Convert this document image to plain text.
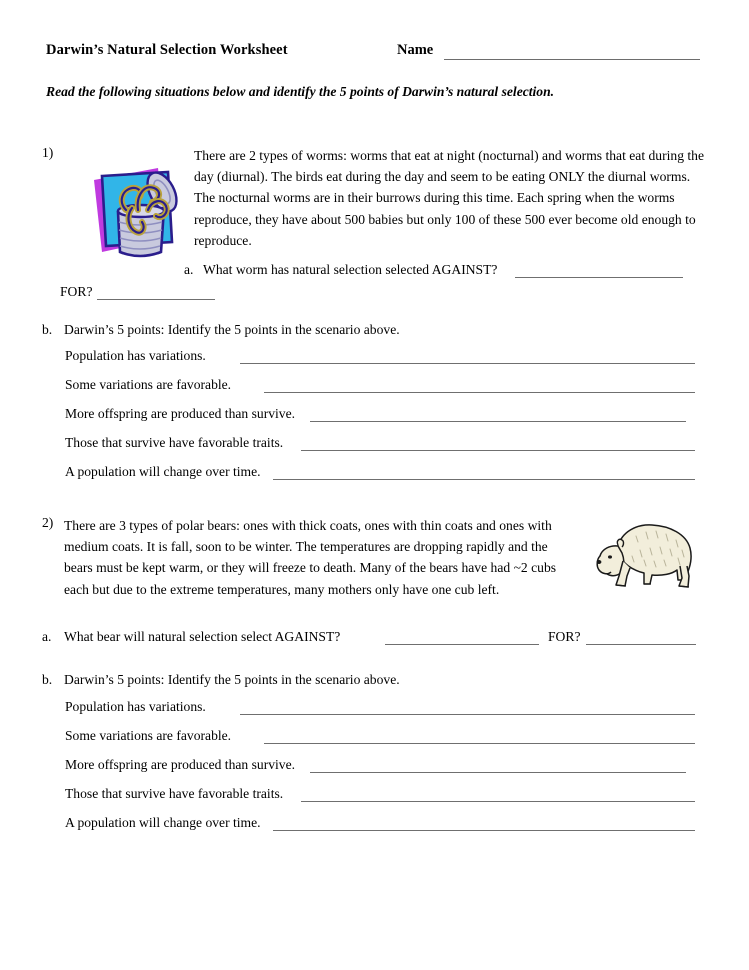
Darwin’s Natural Selection Worksheet	Name
Read the following situations below and identify the 5 points of Darwin’s natural selection.
1)	There are 2 types of worms: worms that eat at night (nocturnal) and worms that eat during the day (diurnal). The birds eat during the day and seem to be eating ONLY the diurnal worms. The nocturnal worms are in their burrows during this time. Each spring when the worms reproduce, they have about 500 babies but only 100 of these 500 ever become old enough to reproduce.
a. What worm has natural selection selected AGAINST?
FOR?
b. Darwin’s 5 points: Identify the 5 points in the scenario above.
Population has variations.
Some variations are favorable.
More offspring are produced than survive.
Those that survive have favorable traits.
A population will change over time.
2) There are 3 types of polar bears: ones with thick coats, ones with thin coats and ones with medium coats. It is fall, soon to be winter. The temperatures are dropping rapidly and the bears must be kept warm, or they will freeze to death. Many of the bears have had ~2 cubs each but due to the extreme temperatures, many mothers only have one cub left.
a. What bear will natural selection select AGAINST?	FOR?
b. Darwin’s 5 points: Identify the 5 points in the scenario above.
Population has variations.
Some variations are favorable.
More offspring are produced than survive.
Those that survive have favorable traits.
A population will change over time.
